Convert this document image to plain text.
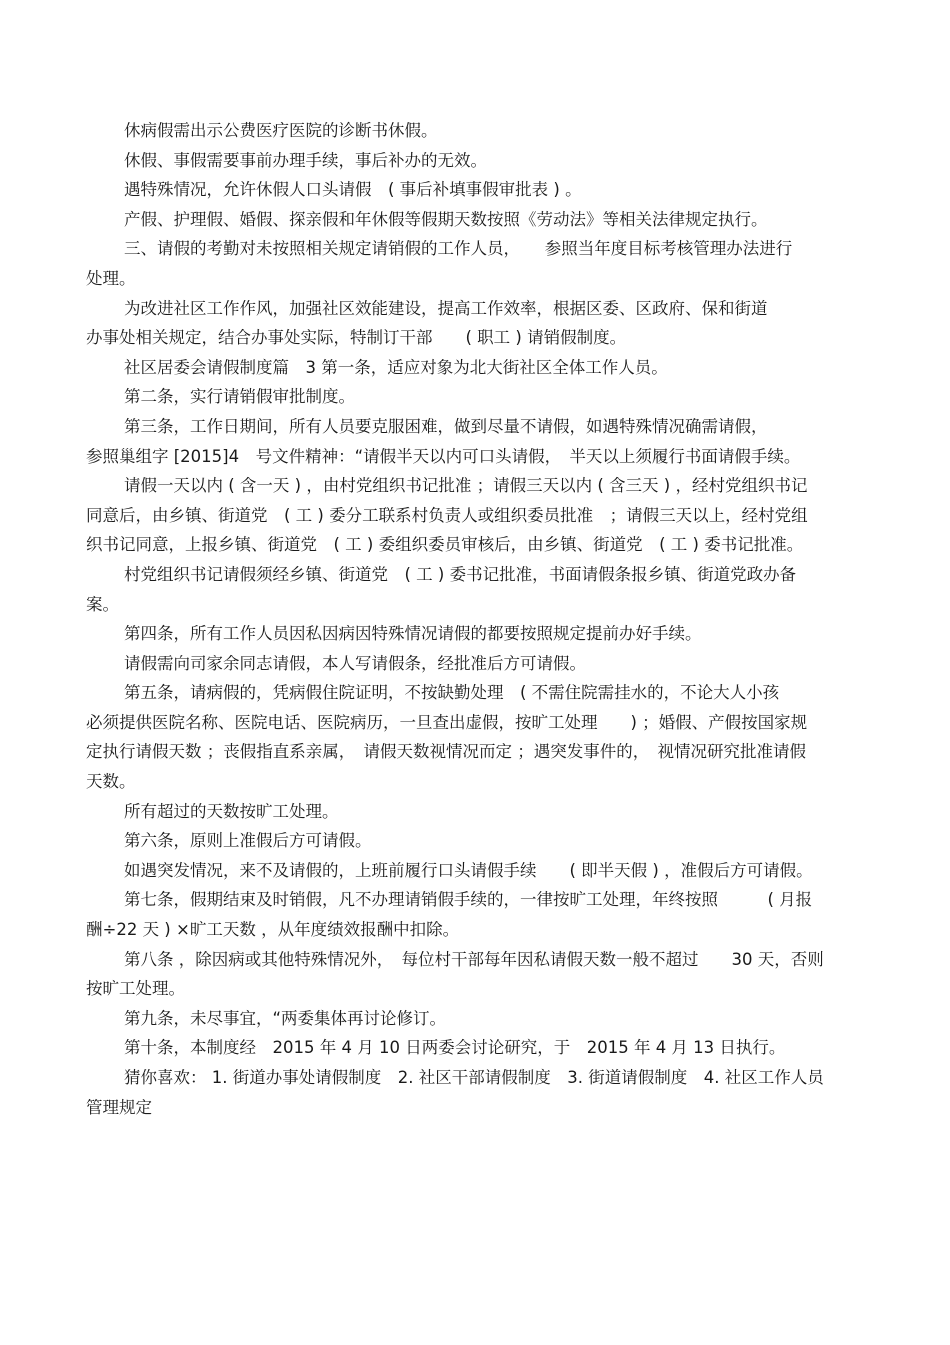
休病假需出示公费医疗医院的诊断书休假。
休假、事假需要事前办理手续，事后补办的无效。
遇特殊情况，允许休假人口头请假　( 事后补填事假审批表 ) 。
产假、护理假、婚假、探亲假和年休假等假期天数按照《劳动法》等相关法律规定执行。
三、请假的考勤对未按照相关规定请销假的工作人员，　　参照当年度目标考核管理办法进行
处理。
为改进社区工作作风，加强社区效能建设，提高工作效率，根据区委、区政府、保和街道
办事处相关规定，结合办事处实际，特制订干部　　( 职工 ) 请销假制度。
社区居委会请假制度篇　3 第一条，适应对象为北大街社区全体工作人员。
第二条，实行请销假审批制度。
第三条，工作日期间，所有人员要克服困难，做到尽量不请假，如遇特殊情况确需请假，
参照巢组字 [2015]4　号文件精神：“请假半天以内可口头请假，　半天以上须履行书面请假手续。
请假一天以内 ( 含一天 ) ，由村党组织书记批准 ；请假三天以内 ( 含三天 ) ，经村党组织书记
同意后，由乡镇、街道党　( 工 ) 委分工联系村负责人或组织委员批准　；请假三天以上，经村党组
织书记同意，上报乡镇、街道党　( 工 ) 委组织委员审核后，由乡镇、街道党　( 工 ) 委书记批准。
村党组织书记请假须经乡镇、街道党　( 工 ) 委书记批准，书面请假条报乡镇、街道党政办备
案。
第四条，所有工作人员因私因病因特殊情况请假的都要按照规定提前办好手续。
请假需向司家余同志请假，本人写请假条，经批准后方可请假。
第五条，请病假的，凭病假住院证明，不按缺勤处理　( 不需住院需挂水的，不论大人小孩
必须提供医院名称、医院电话、医院病历，一旦查出虚假，按旷工处理　　) ；婚假、产假按国家规
定执行请假天数 ；丧假指直系亲属，　请假天数视情况而定 ；遇突发事件的，　视情况研究批准请假
天数。
所有超过的天数按旷工处理。
第六条，原则上准假后方可请假。
如遇突发情况，来不及请假的，上班前履行口头请假手续　　( 即半天假 ) ，准假后方可请假。
第七条，假期结束及时销假，凡不办理请销假手续的，一律按旷工处理，年终按照　　　( 月报
酬÷22 天 ) ×旷工天数 ，从年度绩效报酬中扣除。
第八条 ，除因病或其他特殊情况外，　每位村干部每年因私请假天数一般不超过　　30 天，否则
按旷工处理。
第九条，未尽事宜，“两委集体再讨论修订。
第十条，本制度经　2015 年 4 月 10 日两委会讨论研究，于　2015 年 4 月 13 日执行。
猜你喜欢： 1. 街道办事处请假制度　2. 社区干部请假制度　3. 街道请假制度　4. 社区工作人员
管理规定
